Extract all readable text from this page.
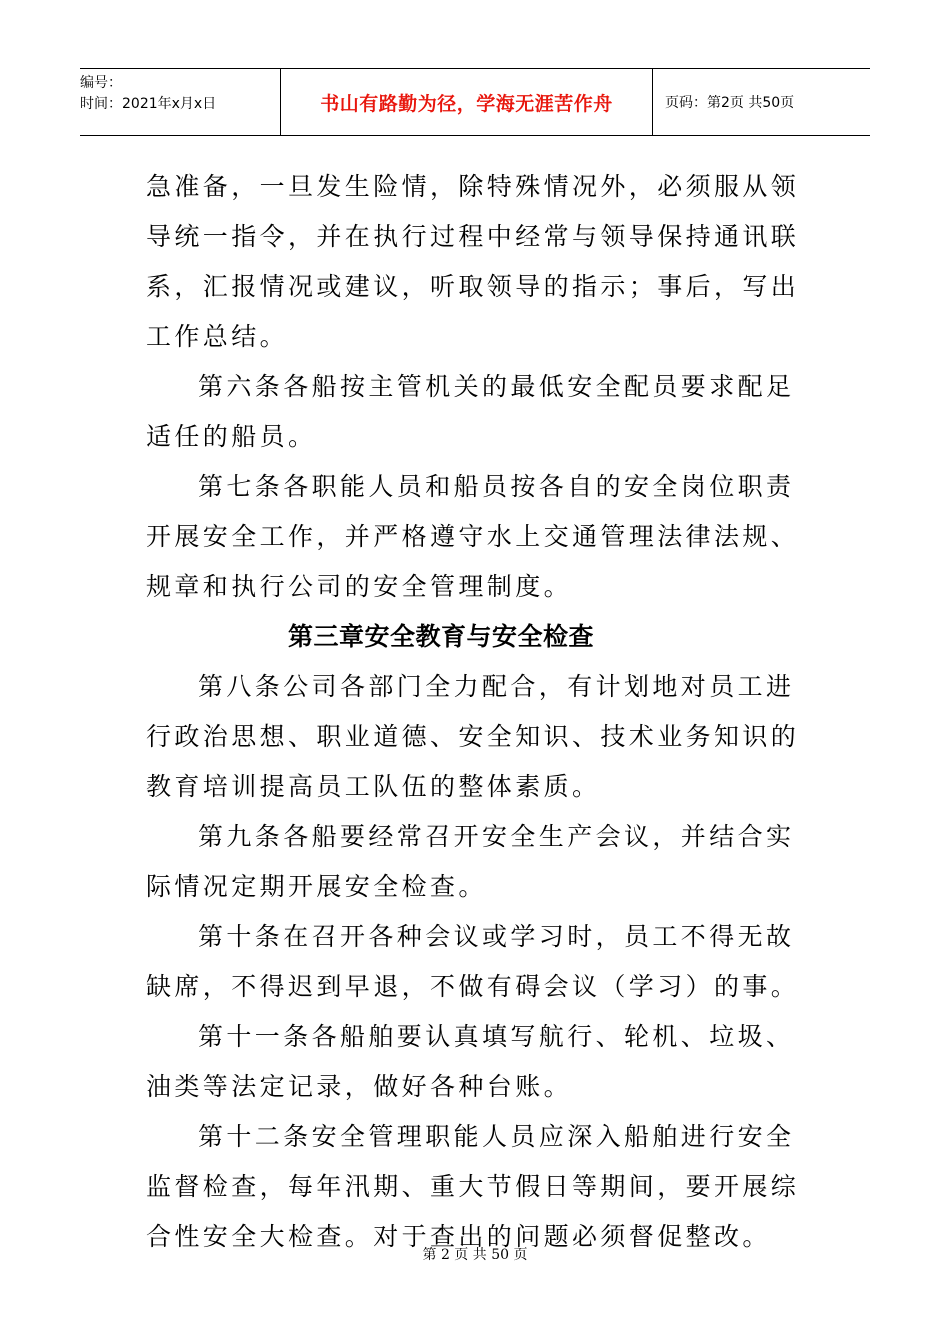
编号：
时间：2021年x月x日	书山有路勤为径，学海无涯苦作舟	页码：第2页 共50页

急准备，一旦发生险情，除特殊情况外，必须服从领导统一指令，并在执行过程中经常与领导保持通讯联系，汇报情况或建议，听取领导的指示；事后，写出工作总结。

第六条各船按主管机关的最低安全配员要求配足适任的船员。

第七条各职能人员和船员按各自的安全岗位职责开展安全工作，并严格遵守水上交通管理法律法规、规章和执行公司的安全管理制度。

第三章安全教育与安全检查

第八条公司各部门全力配合，有计划地对员工进行政治思想、职业道德、安全知识、技术业务知识的教育培训提高员工队伍的整体素质。

第九条各船要经常召开安全生产会议，并结合实际情况定期开展安全检查。

第十条在召开各种会议或学习时，员工不得无故缺席，不得迟到早退，不做有碍会议（学习）的事。

第十一条各船舶要认真填写航行、轮机、垃圾、油类等法定记录，做好各种台账。

第十二条安全管理职能人员应深入船舶进行安全监督检查，每年汛期、重大节假日等期间，要开展综合性安全大检查。对于查出的问题必须督促整改。

第 2 页 共 50 页
